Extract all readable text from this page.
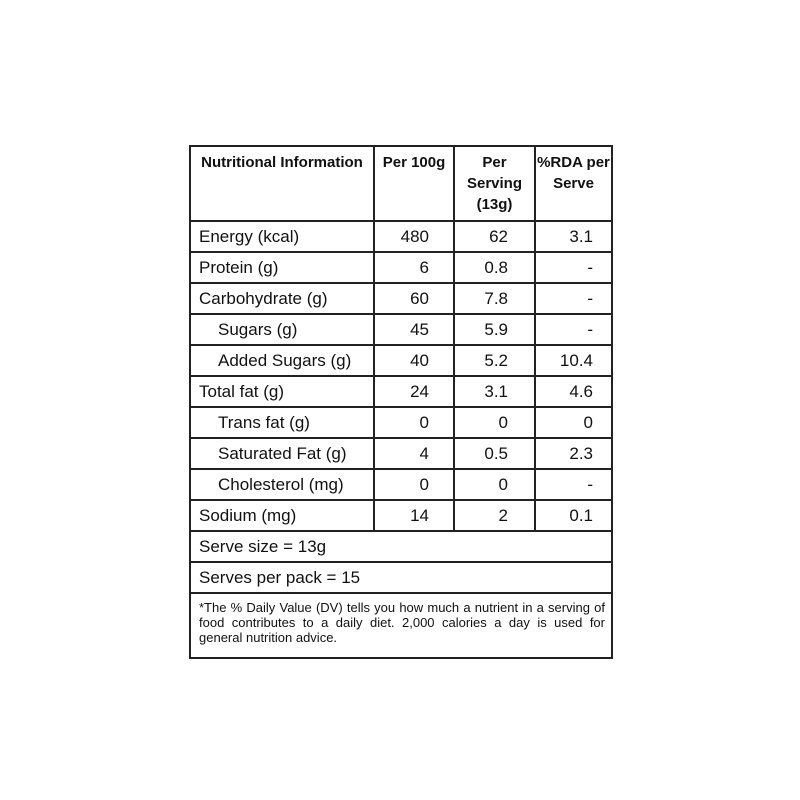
Nutritional Information	Per 100g	Per Serving (13g)	%RDA per Serve
Energy (kcal)	480	62	3.1
Protein (g)	6	0.8	-
Carbohydrate (g)	60	7.8	-
Sugars (g)	45	5.9	-
Added Sugars (g)	40	5.2	10.4
Total fat (g)	24	3.1	4.6
Trans fat (g)	0	0	0
Saturated Fat (g)	4	0.5	2.3
Cholesterol (mg)	0	0	-
Sodium (mg)	14	2	0.1
Serve size = 13g			
Serves per pack = 15			
*The % Daily Value (DV) tells you how much a nutrient in a serving of food contributes to a daily diet. 2,000 calories a day is used for general nutrition advice.			
